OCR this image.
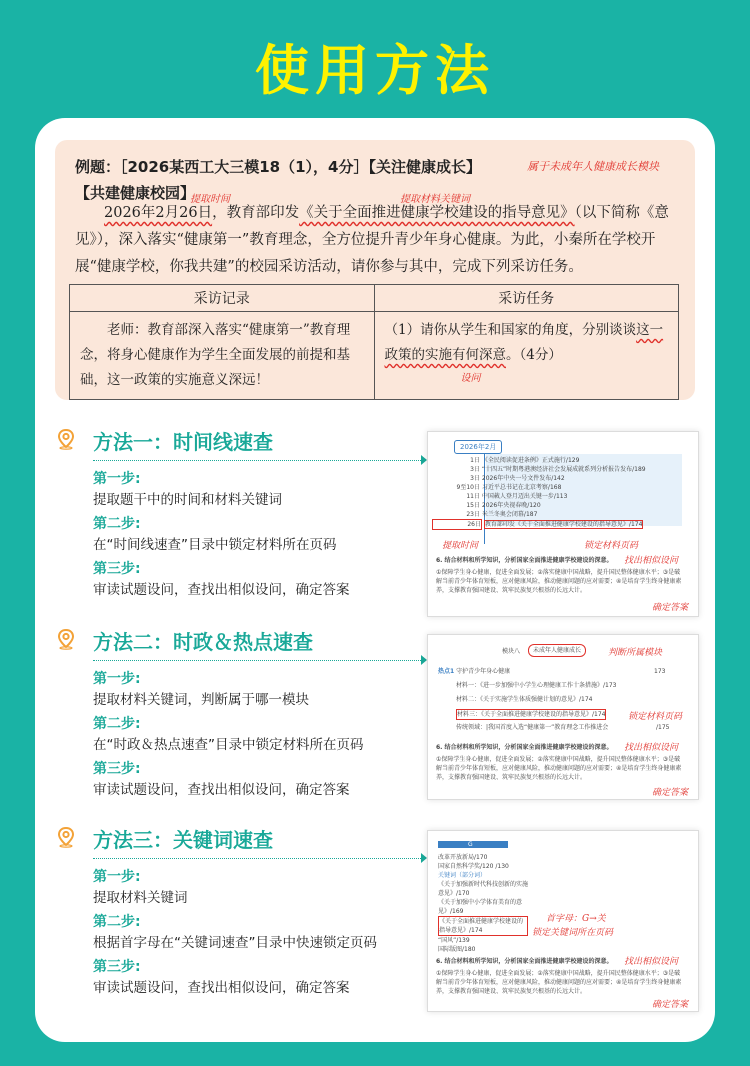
使用方法
例题：［2026某西工大三模18（1），4分］【关注健康成长】	属于未成年人健康成长模块
【共建健康校园】
提取时间	提取材料关键词
2026年2月26日，教育部印发《关于全面推进健康学校建设的指导意见》（以下简称《意见》），深入落实“健康第一”教育理念，全方位提升青少年身心健康。为此，小秦所在学校开展“健康学校，你我共建”的校园采访活动，请你参与其中，完成下列采访任务。
采访记录	采访任务
老师：教育部深入落实“健康第一”教育理念，将身心健康作为学生全面发展的前提和基础，这一政策的实施意义深远！	（1）请你从学生和国家的角度，分别谈谈这一政策的实施有何深意。（4分）
设问
方法一：时间线速查
第一步:
提取题干中的时间和材料关键词
第二步:
在“时间线速查”目录中锁定材料所在页码
第三步:
审读试题设问，查找出相似设问，确定答案
方法二：时政＆热点速查
第一步:
提取材料关键词，判断属于哪一模块
第二步:
在“时政＆热点速查”目录中锁定材料所在页码
第三步:
审读试题设问，查找出相似设问，确定答案
方法三：关键词速查
第一步:
提取材料关键词
第二步:
根据首字母在“关键词速查”目录中快速锁定页码
第三步:
审读试题设问，查找出相似设问，确定答案
2026年2月
1日 《全民阅读促进条例》正式施行/129
3日 “十四五”时期粤港澳经济社会发展成就系列分析报告发布/189
3日 2026年中央一号文件发布/142
9至10日 习近平总书记在北京考察/168
11日 中国載人登月迈出关键一步/113
15日 2026年央视春晚/120
23日 米兰冬奥会闭幕/187
26日 教育部印发《关于全面推进健康学校建设的指导意见》/174
提取时间	锁定材料页码
6. 结合材料和所学知识，分析国家全面推进健康学校建设的深意。 找出相似设问
①保障学生身心健康，促进全面发展；②落实健康中国战略，提升国民整体健康水平；③是破解当前青少年体育短板，应对健康风险，推动健康问题的应对需要；④是培育学生终身健康素养，支撑教育强国建设、筑牢民族复兴根基的长远大计。
确定答案
模块八	未成年人健康成长	判断所属模块
热点1 守护青少年身心健康	173
材料一：《进一步加强中小学生心理健康工作十条措施》/173
材料二：《关于实施学生体质强健计划的意见》/174
材料三：《关于全面推进健康学校建设的指导意见》/174	锁定材料页码
传统领域：|我国首度入选“健康第一”教育理念工作推进会	/175
6. 结合材料和所学知识，分析国家全面推进健康学校建设的深意。 找出相似设问
①保障学生身心健康，促进全面发展；②落实健康中国战略，提升国民整体健康水平；③是破解当前青少年体育短板，应对健康风险，推动健康问题的应对需要；④是培育学生终身健康素养，支撑教育强国建设、筑牢民族复兴根基的长远大计。
确定答案
G
改革开放新局/170
国家自然科学奖/120 /130
关键词（部分词）
《关于加强新时代科技创新的实施意见》/170
《关于加强中小学体育美育的意见》/169
《关于全面推进健康学校建设的指导意见》/174
“国风”/139
国际版图/180
首字母：G→关
锁定关键词所在页码
6. 结合材料和所学知识，分析国家全面推进健康学校建设的深意。 找出相似设问
①保障学生身心健康，促进全面发展；②落实健康中国战略，提升国民整体健康水平；③是破解当前青少年体育短板，应对健康风险，推动健康问题的应对需要；④是培育学生终身健康素养，支撑教育强国建设、筑牢民族复兴根基的长远大计。
确定答案
